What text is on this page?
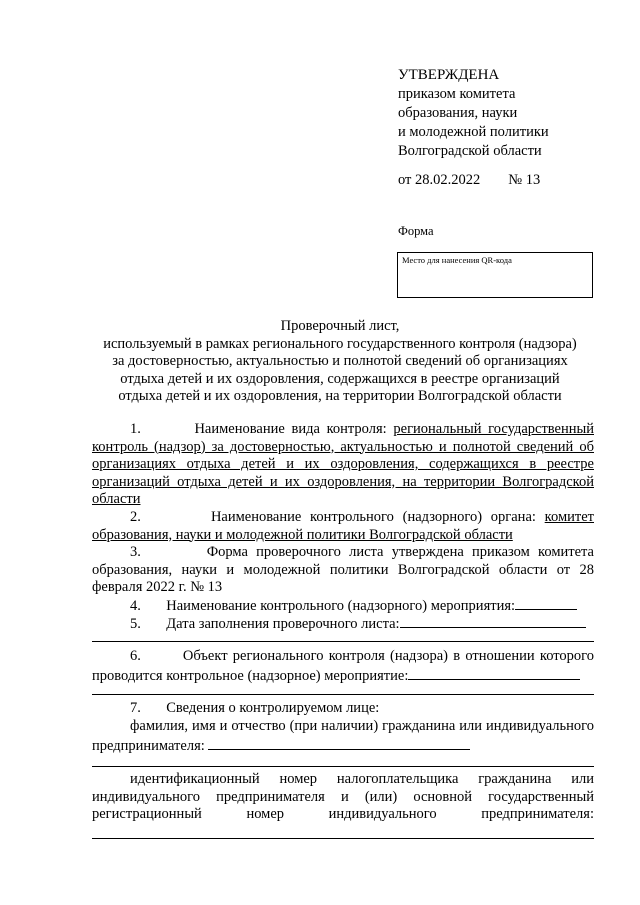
УТВЕРЖДЕНА
приказом комитета
образования, науки
и молодежной политики
Волгоградской области
от 28.02.2022 № 13
Форма
Место для нанесения QR-кода
Проверочный лист,
используемый в рамках регионального государственного контроля (надзора)
за достоверностью, актуальностью и полнотой сведений об организациях
отдыха детей и их оздоровления, содержащихся в реестре организаций
отдыха детей и их оздоровления, на территории Волгоградской области
1.	Наименование вида контроля: региональный государственный контроль (надзор) за достоверностью, актуальностью и полнотой сведений об организациях отдыха детей и их оздоровления, содержащихся в реестре организаций отдыха детей и их оздоровления, на территории Волгоградской области
2.	Наименование контрольного (надзорного) органа: комитет образования, науки и молодежной политики Волгоградской области
3.	Форма проверочного листа утверждена приказом комитета образования, науки и молодежной политики Волгоградской области от 28 февраля 2022 г. № 13
4. Наименование контрольного (надзорного) мероприятия:
5. Дата заполнения проверочного листа:
6.	Объект регионального контроля (надзора) в отношении которого проводится контрольное (надзорное) мероприятие:
7. Сведения о контролируемом лице:
фамилия, имя и отчество (при наличии) гражданина или индивидуального предпринимателя:
идентификационный номер налогоплательщика гражданина или индивидуального предпринимателя и (или) основной государственный регистрационный номер индивидуального предпринимателя:
